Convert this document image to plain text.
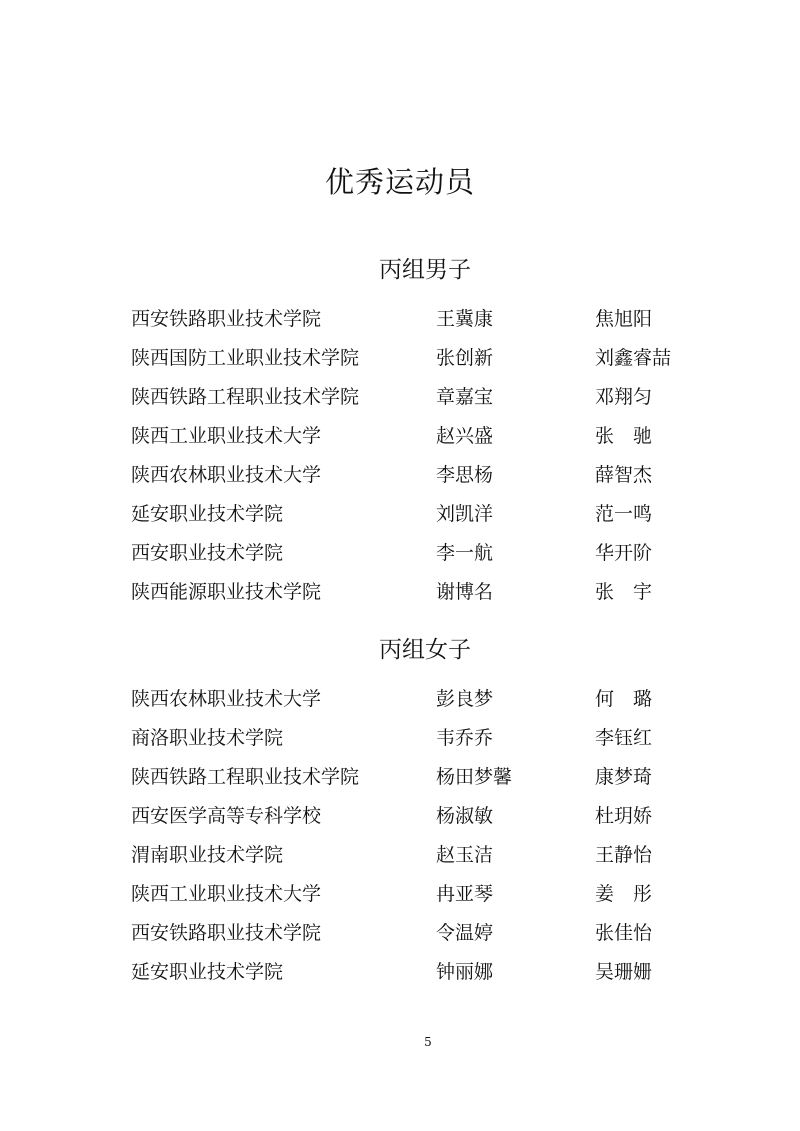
优秀运动员
丙组男子
西安铁路职业技术学院	王冀康	焦旭阳
陕西国防工业职业技术学院	张创新	刘鑫睿喆
陕西铁路工程职业技术学院	章嘉宝	邓翔匀
陕西工业职业技术大学	赵兴盛	张　驰
陕西农林职业技术大学	李思杨	薛智杰
延安职业技术学院	刘凯洋	范一鸣
西安职业技术学院	李一航	华开阶
陕西能源职业技术学院	谢博名	张　宇
丙组女子
陕西农林职业技术大学	彭良梦	何　璐
商洛职业技术学院	韦乔乔	李钰红
陕西铁路工程职业技术学院	杨田梦馨	康梦琦
西安医学高等专科学校	杨淑敏	杜玥娇
渭南职业技术学院	赵玉洁	王静怡
陕西工业职业技术大学	冉亚琴	姜　彤
西安铁路职业技术学院	令温婷	张佳怡
延安职业技术学院	钟丽娜	吴珊姗
5
